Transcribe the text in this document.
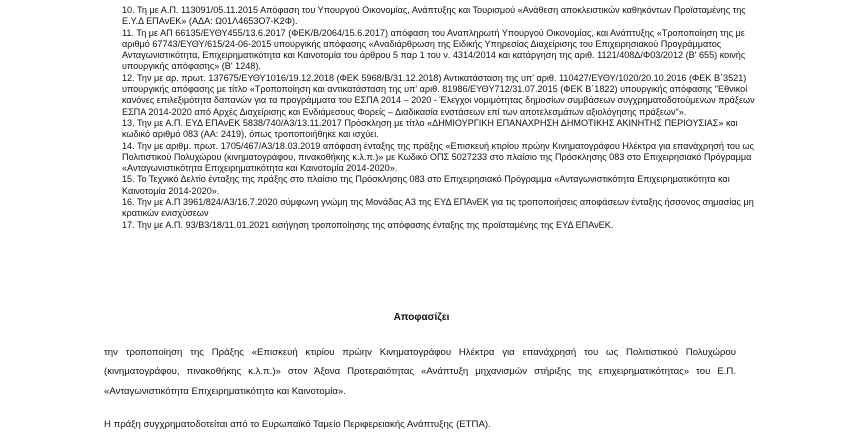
10. Τη με Α.Π. 113091/05.11.2015 Απόφαση του Υπουργού Οικονομίας, Ανάπτυξης και Τουρισμού «Ανάθεση αποκλειστικών καθηκόντων Προϊσταμένης της Ε.Υ.Δ ΕΠΑνΕΚ» (ΑΔΑ: Ω01Λ4653Ο7-Κ2Φ).

11. Τη με ΑΠ 66135/ΕΥΘΥ455/13.6.2017 (ΦΕΚ/Β/2064/15.6.2017) απόφαση του Αναπληρωτή Υπουργού Οικονομίας, και Ανάπτυξης «Τροποποίηση της με αριθμό 67743/ΕΥΘΥ/615/24-06-2015 υπουργικής απόφασης «Αναδιάρθρωση της Ειδικής Υπηρεσίας Διαχείρισης του Επιχειρησιακού Προγράμματος Ανταγωνιστικότητα, Επιχειρηματικότητα και Καινοτομία του άρθρου 5 παρ 1 του ν. 4314/2014 και κατάργηση της αριθ. 1121/408Δ/Φ03/2012 (Β' 655) κοινής υπουργικής απόφασης» (Β' 1248).

12. Την με αρ. πρωτ. 137675/ΕΥΘΥ1016/19.12.2018 (ΦΕΚ 5968/Β/31.12.2018) Αντικατάσταση της υπ' αριθ. 110427/ΕΥΘΥ/1020/20.10.2016 (ΦΕΚ Β΄3521) υπουργικής απόφασης με τίτλο «Τροποποίηση και αντικατάσταση της υπ' αριθ. 81986/ΕΥΘΥ712/31.07.2015 (ΦΕΚ Β΄1822) υπουργικής απόφασης "Εθνικοί κανόνες επιλεξιμότητα δαπανών για τα προγράμματα του ΕΣΠΑ 2014 – 2020 - Έλεγχοι νομιμότητας δημοσίων συμβάσεων συγχρηματοδοτούμενων πράξεων ΕΣΠΑ 2014-2020 από Αρχές Διαχείρισης και Ενδιάμεσους Φορείς – Διαδικασία ενστάσεων επί των αποτελεσμάτων αξιολόγησης πράξεων"».

13. Την με Α.Π. ΕΥΔ ΕΠΑνΕΚ 5838/740/Α3/13.11.2017 Πρόσκληση με τίτλο «ΔΗΜΙΟΥΡΓΙΚΗ ΕΠΑΝΑΧΡΗΣΗ ΔΗΜΟΤΙΚΗΣ ΑΚΙΝΗΤΗΣ ΠΕΡΙΟΥΣΙΑΣ» και κωδικό αριθμό 083 (ΑΑ: 2419), όπως τροποποιήθηκε και ισχύει.

14. Την με αριθμ. πρωτ. 1705/467/Α3/18.03.2019 απόφαση ένταξης της πράξης «Επισκευή κτιρίου πρώην Κινηματογράφου Ηλέκτρα για επανάχρησή του ως Πολιτιστικού Πολυχώρου (κινηματογράφου, πινακοθήκης κ.λ.π.)» με Κωδικό ΟΠΣ 5027233 στο πλαίσιο της Πρόσκλησης 083 στο Επιχειρησιακό Πρόγραμμα «Ανταγωνιστικότητα Επιχειρηματικότητα και Καινοτομία 2014-2020».

15. Το Τεχνικό Δελτίο ένταξης της πράξης στο πλαίσιο της Πρόσκλησης 083 στο Επιχειρησιακό Πρόγραμμα «Ανταγωνιστικότητα Επιχειρηματικότητα και Καινοτομία 2014-2020».

16. Την με Α.Π 3961/824/Α3/16.7.2020 σύμφωνη γνώμη της Μονάδας Α3 της ΕΥΔ ΕΠΑνΕΚ για τις τροποποιήσεις αποφάσεων ένταξης ήσσονος σημασίας μη κρατικών ενισχύσεων

17. Την με Α.Π. 93/Β3/18/11.01.2021 εισήγηση τροποποίησης της απόφασης ένταξης της προϊσταμένης της ΕΥΔ ΕΠΑνΕΚ.

Αποφασίζει

την τροποποίηση της Πράξης «Επισκευή κτιρίου πρώην Κινηματογράφου Ηλέκτρα για επανάχρησή του ως Πολιτιστικού Πολυχώρου (κινηματογράφου, πινακοθήκης κ.λ.π.)» στον Άξονα Προτεραιότητας «Ανάπτυξη μηχανισμών στήριξης της επιχειρηματικότητας» του Ε.Π. «Ανταγωνιστικότητα Επιχειρηματικότητα και Καινοτομία».

Η πράξη συγχρηματοδοτείται από το Ευρωπαϊκό Ταμείο Περιφερειακής Ανάπτυξης (ΕΤΠΑ).
